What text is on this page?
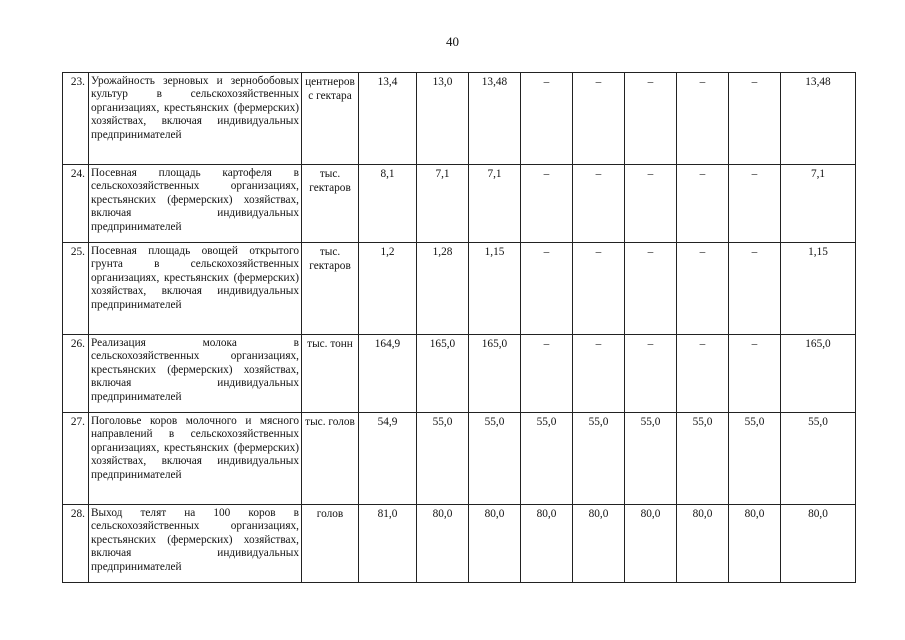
40
23.	Урожайность зерновых и зернобобовых культур в сельскохозяйственных организациях, крестьянских (фермерских) хозяйствах, включая индивидуальных предпринимателей	центнеров с гектара	13,4	13,0	13,48	–	–	–	–	–	13,48
24.	Посевная площадь картофеля в сельскохозяйственных организациях, крестьянских (фермерских) хозяйствах, включая индивидуальных предпринимателей	тыс. гектаров	8,1	7,1	7,1	–	–	–	–	–	7,1
25.	Посевная площадь овощей открытого грунта в сельскохозяйственных организациях, крестьянских (фермерских) хозяйствах, включая индивидуальных предпринимателей	тыс. гектаров	1,2	1,28	1,15	–	–	–	–	–	1,15
26.	Реализация молока в сельскохозяйственных организациях, крестьянских (фермерских) хозяйствах, включая индивидуальных предпринимателей	тыс. тонн	164,9	165,0	165,0	–	–	–	–	–	165,0
27.	Поголовье коров молочного и мясного направлений в сельскохозяйственных организациях, крестьянских (фермерских) хозяйствах, включая индивидуальных предпринимателей	тыс. голов	54,9	55,0	55,0	55,0	55,0	55,0	55,0	55,0	55,0
28.	Выход телят на 100 коров в сельскохозяйственных организациях, крестьянских (фермерских) хозяйствах, включая индивидуальных предпринимателей	голов	81,0	80,0	80,0	80,0	80,0	80,0	80,0	80,0	80,0
